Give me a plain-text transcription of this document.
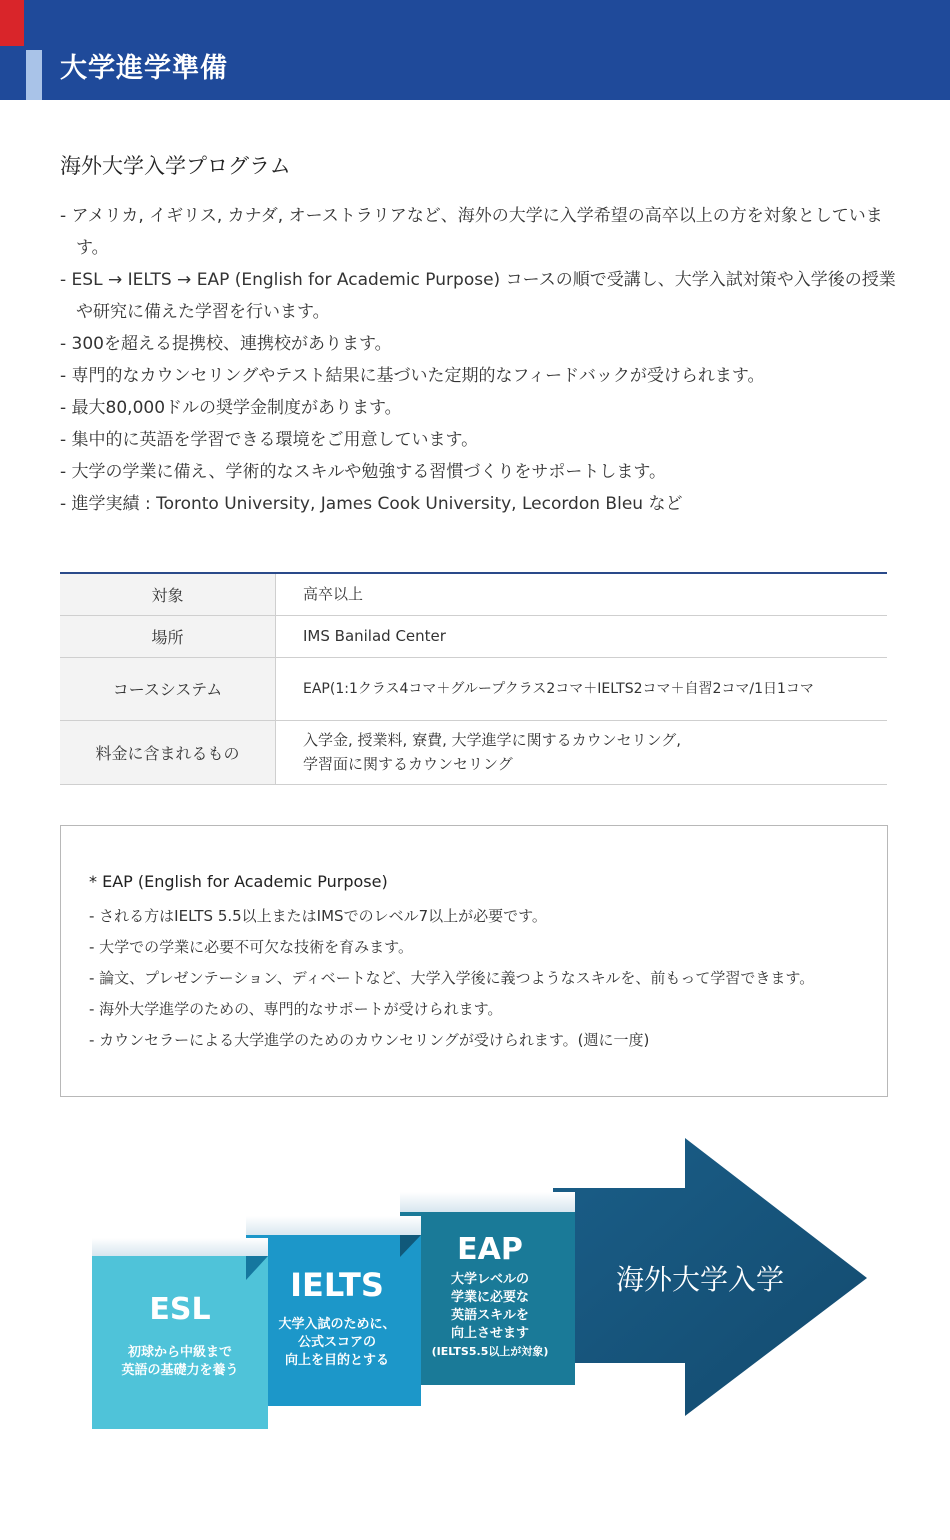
大学進学準備
海外大学入学プログラム
- アメリカ, イギリス, カナダ, オーストラリアなど、海外の大学に入学希望の高卒以上の方を対象としています。
- ESL → IELTS → EAP (English for Academic Purpose) コースの順で受講し、大学入試対策や入学後の授業や研究に備えた学習を行います。
- 300を超える提携校、連携校があります。
- 専門的なカウンセリングやテスト結果に基づいた定期的なフィードバックが受けられます。
- 最大80,000ドルの奨学金制度があります。
- 集中的に英語を学習できる環境をご用意しています。
- 大学の学業に備え、学術的なスキルや勉強する習慣づくりをサポートします。
- 進学実績 : Toronto University, James Cook University, Lecordon Bleu など
対象	高卒以上
場所	IMS Banilad Center
コースシステム	EAP(1:1クラス4コマ＋グループクラス2コマ＋IELTS2コマ＋自習2コマ/1日1コマ
料金に含まれるもの	入学金, 授業料, 寮費, 大学進学に関するカウンセリング,
学習面に関するカウンセリング
* EAP (English for Academic Purpose)
- される方はIELTS 5.5以上またはIMSでのレベル7以上が必要です。
- 大学での学業に必要不可欠な技術を育みます。
- 論文、プレゼンテーション、ディベートなど、大学入学後に義つようなスキルを、前もって学習できます。
- 海外大学進学のための、専門的なサポートが受けられます。
- カウンセラーによる大学進学のためのカウンセリングが受けられます。(週に一度)
ESL
初球から中級まで
英語の基礎力を養う
IELTS
大学入試のために、
公式スコアの
向上を目的とする
EAP
大学レベルの
学業に必要な
英語スキルを
向上させます
(IELTS5.5以上が対象)
海外大学入学
